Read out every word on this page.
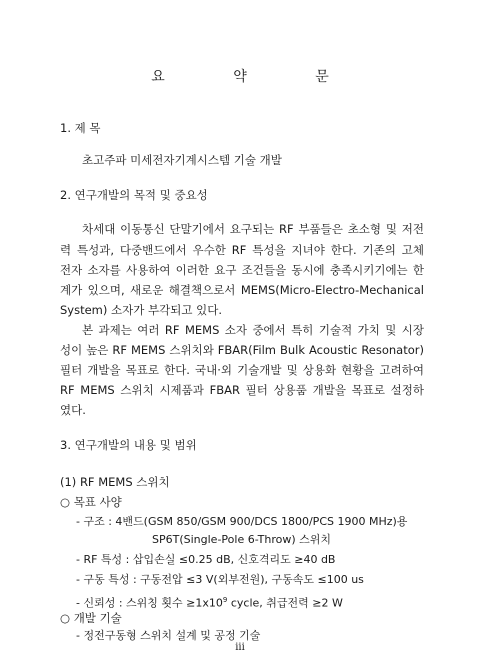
요 약 문
1. 제 목
초고주파 미세전자기계시스템 기술 개발
2. 연구개발의 목적 및 중요성
차세대 이동통신 단말기에서 요구되는 RF 부품들은 초소형 및 저전
력 특성과, 다중밴드에서 우수한 RF 특성을 지녀야 한다. 기존의 고체
전자 소자를 사용하여 이러한 요구 조건들을 동시에 충족시키기에는 한
계가 있으며, 새로운 해결책으로서 MEMS(Micro-Electro-Mechanical
System) 소자가 부각되고 있다.
본 과제는 여러 RF MEMS 소자 중에서 특히 기술적 가치 및 시장
성이 높은 RF MEMS 스위치와 FBAR(Film Bulk Acoustic Resonator)
필터 개발을 목표로 한다. 국내·외 기술개발 및 상용화 현황을 고려하여
RF MEMS 스위치 시제품과 FBAR 필터 상용품 개발을 목표로 설정하
였다.
3. 연구개발의 내용 및 범위
(1) RF MEMS 스위치
○ 목표 사양
- 구조 : 4밴드(GSM 850/GSM 900/DCS 1800/PCS 1900 MHz)용
SP6T(Single-Pole 6-Throw) 스위치
- RF 특성 : 삽입손실 ≤0.25 dB, 신호격리도 ≥40 dB
- 구동 특성 : 구동전압 ≤3 V(외부전원), 구동속도 ≤100 us
- 신뢰성 : 스위칭 횟수 $\ge 1x10^9$ cycle, 취급전력 ≥2 W
○ 개발 기술
- 정전구동형 스위치 설계 및 공정 기술
iii
